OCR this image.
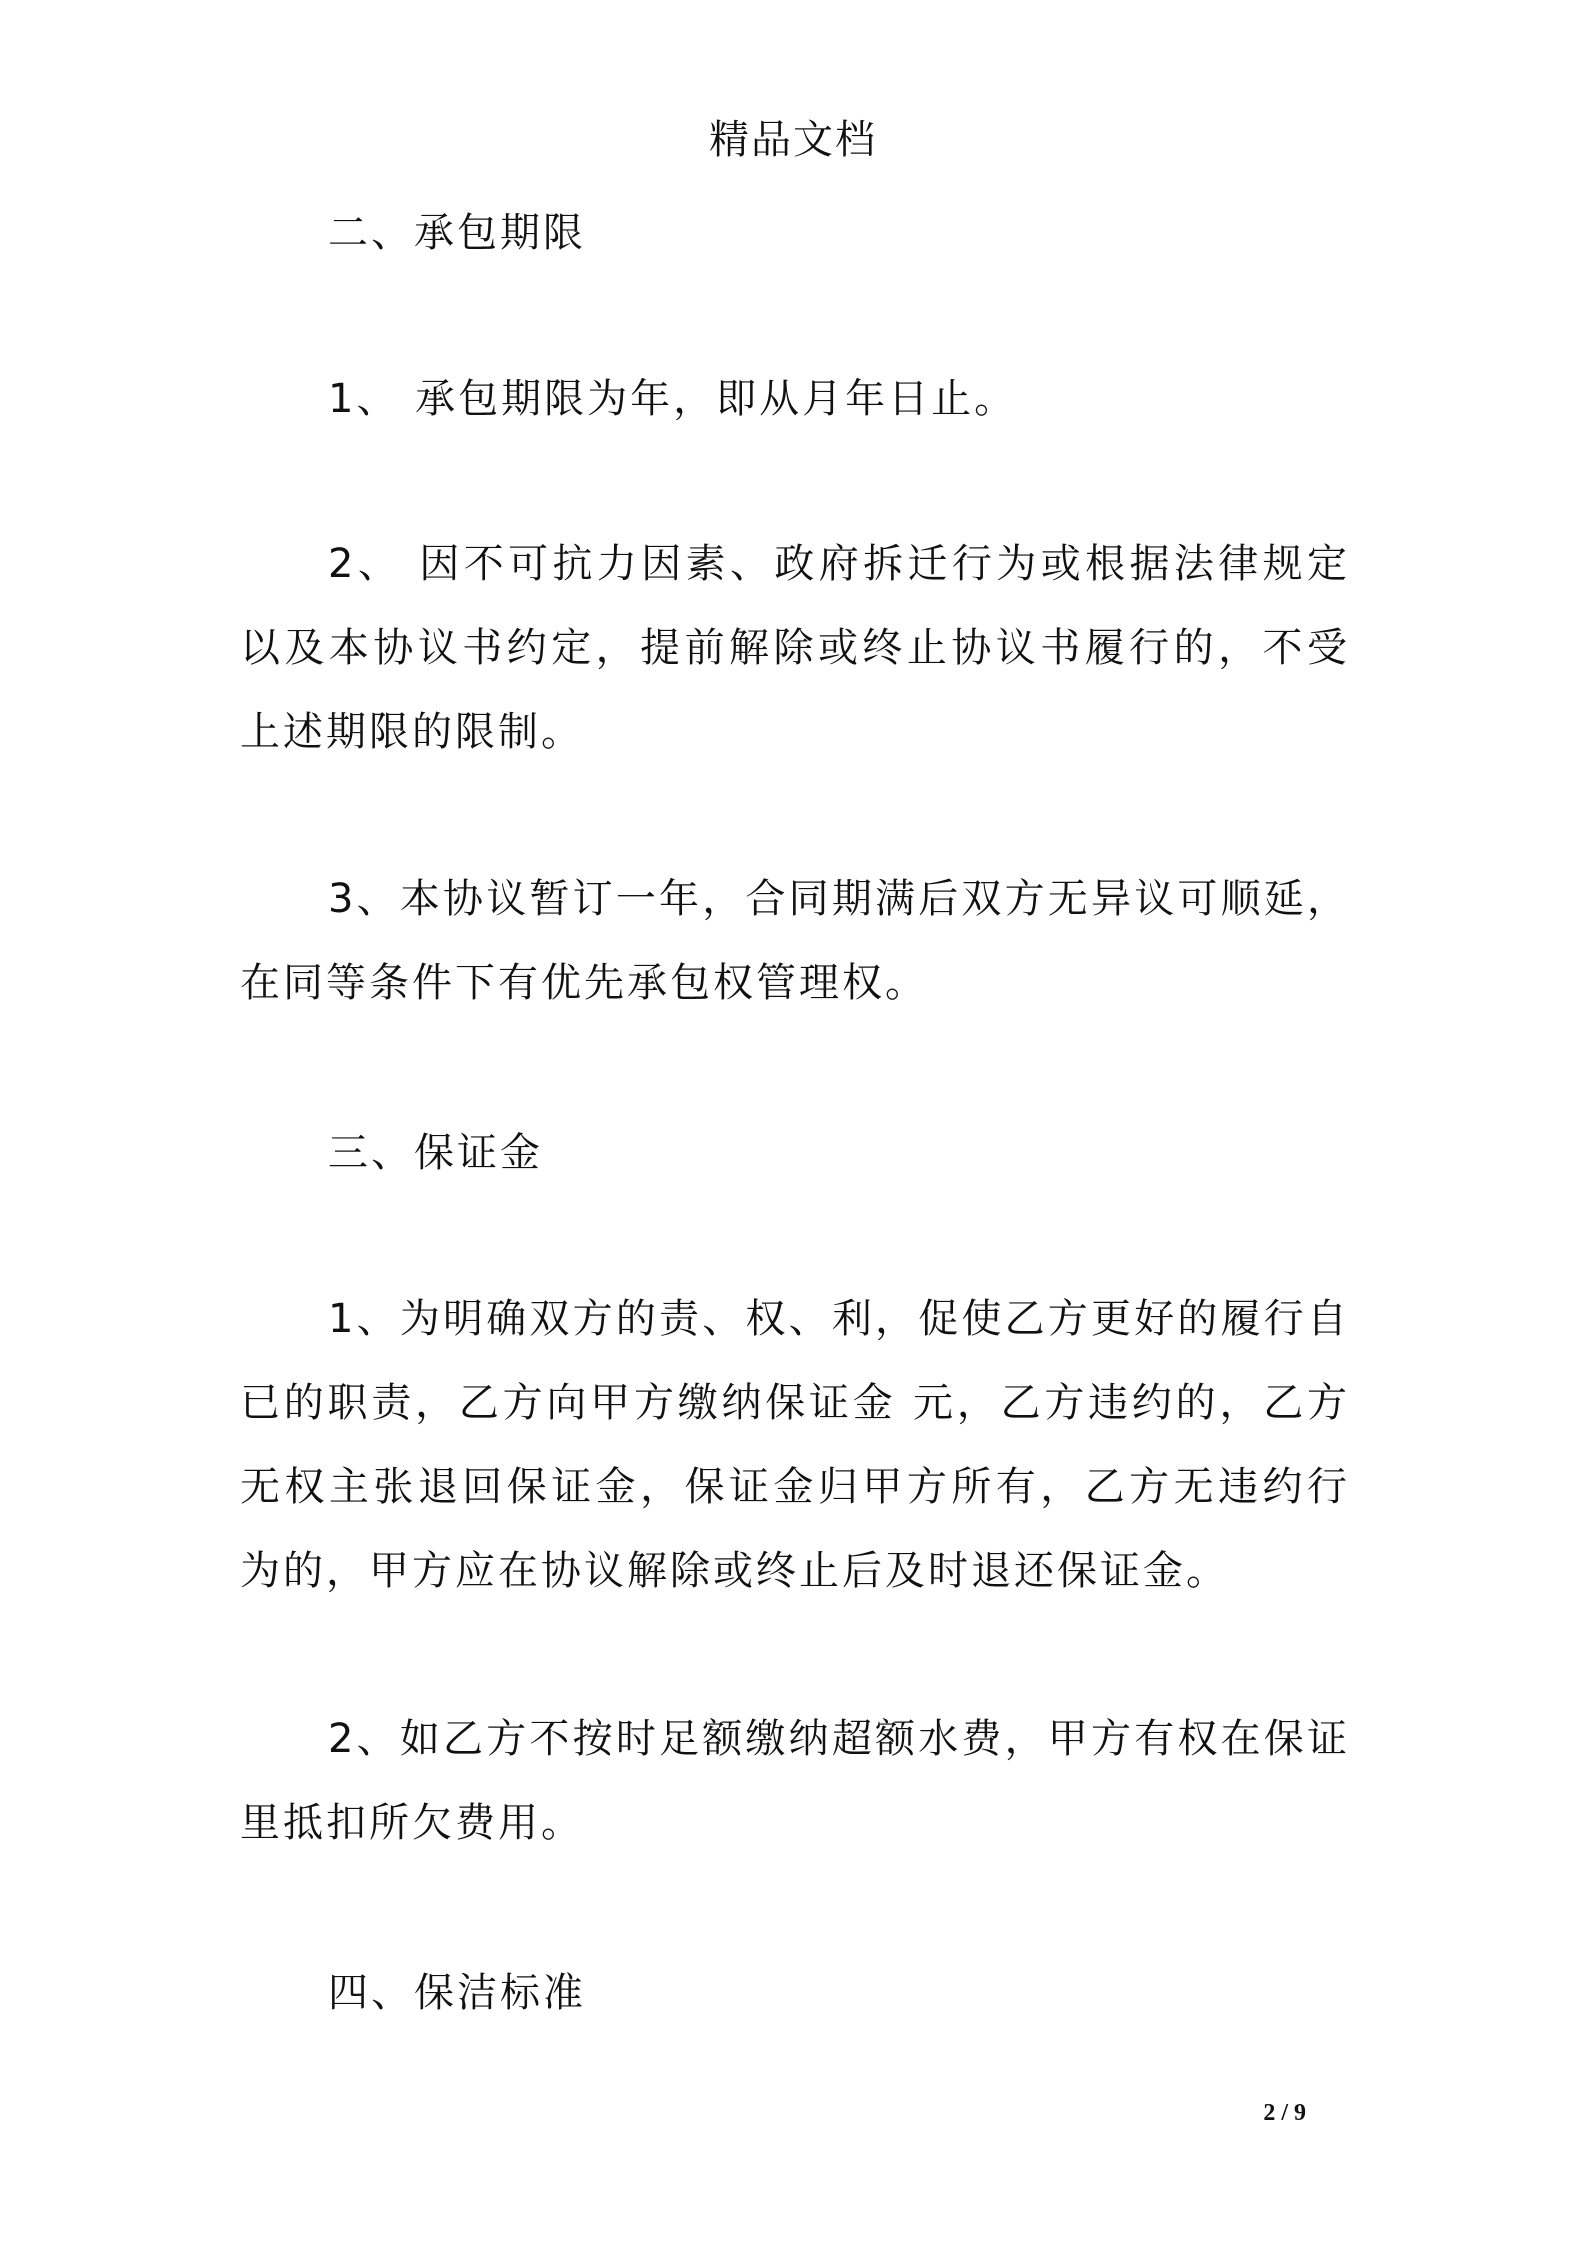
精品文档
二、承包期限
1、 承包期限为年，即从月年日止。
2、 因不可抗力因素、政府拆迁行为或根据法律规定以及本协议书约定，提前解除或终止协议书履行的，不受上述期限的限制。
3、本协议暂订一年，合同期满后双方无异议可顺延，在同等条件下有优先承包权管理权。
三、保证金
1、为明确双方的责、权、利，促使乙方更好的履行自已的职责，乙方向甲方缴纳保证金 元，乙方违约的，乙方无权主张退回保证金，保证金归甲方所有，乙方无违约行为的，甲方应在协议解除或终止后及时退还保证金。
2、如乙方不按时足额缴纳超额水费，甲方有权在保证里抵扣所欠费用。
四、保洁标准
2 / 9
